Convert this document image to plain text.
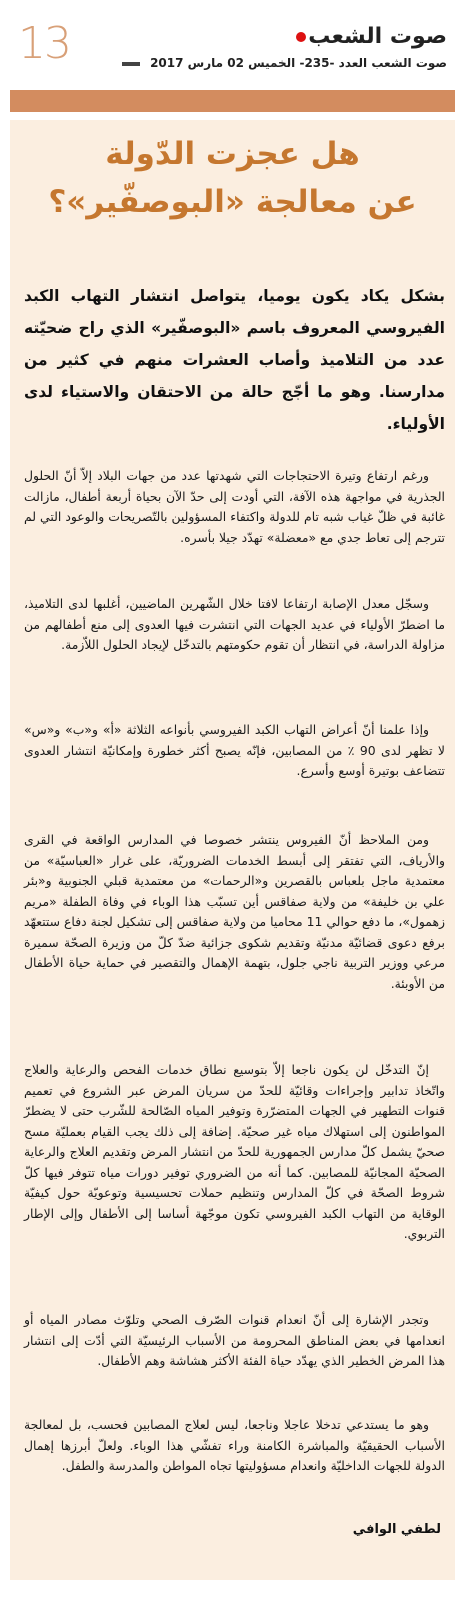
13	صوت الشعب
صوت الشعب العدد -235- الخميس 02 مارس 2017
هل عجزت الدّولة
عن معالجة «البوصفّير»؟
بشكل يكاد يكون يوميا، يتواصل انتشار التهاب الكبد الفيروسي المعروف باسم «البوصفّير» الذي راح ضحيّته عدد من التلاميذ وأصاب العشرات منهم في كثير من مدارسنا. وهو ما أجّج حالة من الاحتقان والاستياء لدى الأولياء.

ورغم ارتفاع وتيرة الاحتجاجات التي شهدتها عدد من جهات البلاد إلاّ أنّ الحلول الجذرية في مواجهة هذه الآفة، التي أودت إلى حدّ الآن بحياة أربعة أطفال، مازالت غائبة في ظلّ غياب شبه تام للدولة واكتفاء المسؤولين بالتّصريحات والوعود التي لم تترجم إلى تعاط جدي مع «معضلة» تهدّد جيلا بأسره.

وسجّل معدل الإصابة ارتفاعا لافتا خلال الشّهرين الماضيين، أغلبها لدى التلاميذ، ما اضطرّ الأولياء في عديد الجهات التي انتشرت فيها العدوى إلى منع أطفالهم من مزاولة الدراسة، في انتظار أن تقوم حكومتهم بالتدخّل لإيجاد الحلول اللاّزمة.

وإذا علمنا أنّ أعراض التهاب الكبد الفيروسي بأنواعه الثلاثة «أ» و«ب» و«س» لا تظهر لدى 90 ٪ من المصابين، فإنّه يصبح أكثر خطورة وإمكانيّة انتشار العدوى تتضاعف بوتيرة أوسع وأسرع.

ومن الملاحظ أنّ الفيروس ينتشر خصوصا في المدارس الواقعة في القرى والأرياف، التي تفتقر إلى أبسط الخدمات الضروريّة، على غرار «العباسيّة» من معتمدية ماجل بلعباس بالقصرين و«الرحمات» من معتمدية قبلي الجنوبية و«بئر علي بن خليفة» من ولاية صفاقس أين تسبّب هذا الوباء في وفاة الطفلة «مريم زهمول»، ما دفع حوالي 11 محاميا من ولاية صفاقس إلى تشكيل لجنة دفاع ستتعهّد برفع دعوى قضائيّة مدنيّة وتقديم شكوى جزائية ضدّ كلّ من وزيرة الصحّة سميرة مرعي ووزير التربية ناجي جلول، بتهمة الإهمال والتقصير في حماية حياة الأطفال من الأوبئة.

إنّ التدخّل لن يكون ناجعا إلاّ بتوسيع نطاق خدمات الفحص والرعاية والعلاج واتّخاذ تدابير وإجراءات وقائيّة للحدّ من سريان المرض عبر الشروع في تعميم قنوات التطهير في الجهات المتضرّرة وتوفير المياه الصّالحة للشّرب حتى لا يضطرّ المواطنون إلى استهلاك مياه غير صحيّة. إضافة إلى ذلك يجب القيام بعمليّة مسح صحيّ يشمل كلّ مدارس الجمهورية للحدّ من انتشار المرض وتقديم العلاج والرعاية الصحيّة المجانيّة للمصابين. كما أنه من الضروري توفير دورات مياه تتوفر فيها كلّ شروط الصحّة في كلّ المدارس وتنظيم حملات تحسيسية وتوعويّة حول كيفيّة الوقاية من التهاب الكبد الفيروسي تكون موجّهة أساسا إلى الأطفال وإلى الإطار التربوي.

وتجدر الإشارة إلى أنّ انعدام قنوات الصّرف الصحي وتلوّث مصادر المياه أو انعدامها في بعض المناطق المحرومة من الأسباب الرئيسيّة التي أدّت إلى انتشار هذا المرض الخطير الذي يهدّد حياة الفئة الأكثر هشاشة وهم الأطفال.

وهو ما يستدعي تدخلا عاجلا وناجعا، ليس لعلاج المصابين فحسب، بل لمعالجة الأسباب الحقيقيّة والمباشرة الكامنة وراء تفشّي هذا الوباء. ولعلّ أبرزها إهمال الدولة للجهات الداخليّة وانعدام مسؤوليتها تجاه المواطن والمدرسة والطفل.

لطفي الوافي
